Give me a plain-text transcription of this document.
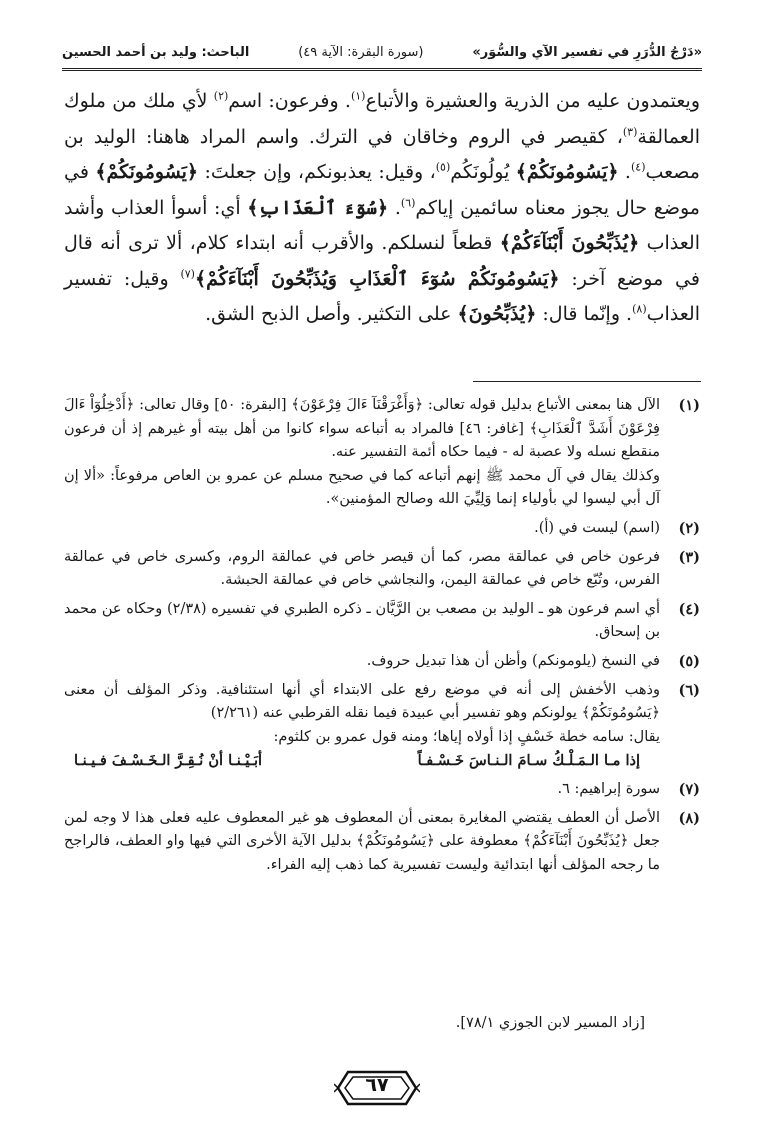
«دَرْجُ الدُّرَرِ في تفسير الآي والسُّوَر»
(سورة البقرة: الآية ٤٩)
الباحث: وليد بن أحمد الحسين

ويعتمدون عليه من الذرية والعشيرة والأتباع$^{(١)}$. وفرعون: اسم$^{(٢)}$ لأي ملك من ملوك العمالقة$^{(٣)}$، كقيصر في الروم وخاقان في الترك. واسم المراد هاهنا: الوليد بن مصعب$^{(٤)}$. ﴿يَسُومُونَكُمْ﴾ يُولُونَكُم$^{(٥)}$، وقيل: يعذبونكم، وإن جعلتَ: ﴿يَسُومُونَكُمْ﴾ في موضع حال يجوز معناه سائمين إياكم$^{(٦)}$. ﴿سُوٓءَ ٱلْعَذَابِ﴾ أي: أسوأ العذاب وأشد العذاب ﴿يُذَبِّحُونَ أَبْنَآءَكُمْ﴾ قطعاً لنسلكم. والأقرب أنه ابتداء كلام، ألا ترى أنه قال في موضع آخر: ﴿يَسُومُونَكُمْ سُوٓءَ ٱلْعَذَابِ وَيُذَبِّحُونَ أَبْنَآءَكُمْ﴾$^{(٧)}$ وقيل: تفسير العذاب$^{(٨)}$. وإنّما قال: ﴿يُذَبِّحُونَ﴾ على التكثير. وأصل الذبح الشق.

(١)
الآل هنا بمعنى الأتباع بدليل قوله تعالى: ﴿وَأَغْرَقْنَآ ءَالَ فِرْعَوْنَ﴾ [البقرة: ٥٠] وقال تعالى: ﴿أَدْخِلُوٓاْ ءَالَ فِرْعَوْنَ أَشَدَّ ٱلْعَذَابِ﴾ [غافر: ٤٦] فالمراد به أتباعه سواء كانوا من أهل بيته أو غيرهم إذ أن فرعون منقطع نسله ولا عصبة له - فيما حكاه أئمة التفسير عنه.
وكذلك يقال في آل محمد ﷺ إنهم أتباعه كما في صحيح مسلم عن عمرو بن العاص مرفوعاً: «ألا إن آل أبي ليسوا لي بأولياء إنما وَلِيِّيَ الله وصالح المؤمنين».
(٢)
(اسم) ليست في (أ).
(٣)
فرعون خاص في عمالقة مصر، كما أن قيصر خاص في عمالقة الروم، وكسرى خاص في عمالقة الفرس، وتُبّع خاص في عمالقة اليمن، والنجاشي خاص في عمالقة الحبشة.
(٤)
أي اسم فرعون هو ـ الوليد بن مصعب بن الرَّيَّان ـ ذكره الطبري في تفسيره (٢/٣٨) وحكاه عن محمد بن إسحاق.
(٥)
في النسخ (يلومونكم) وأظن أن هذا تبديل حروف.
(٦)
وذهب الأخفش إلى أنه في موضع رفع على الابتداء أي أنها استئنافية. وذكر المؤلف أن معنى ﴿يَسُومُونَكُمْ﴾ يولونكم وهو تفسير أبي عبيدة فيما نقله القرطبي عنه (٢/٢٦١)
يقال: سامه خطة خَسْفٍ إذا أولاه إياها؛ ومنه قول عمرو بن كلثوم:
إذا مـا الـمَـلْـكُ سـامَ الـنـاسَ خَـسْـفـاً
أبَـيْـنـا أنْ نُـقِـرَّ الـخَـسْـفَ فـيـنـا
(٧)
سورة إبراهيم: ٦.
(٨)
الأصل أن العطف يقتضي المغايرة بمعنى أن المعطوف هو غير المعطوف عليه فعلى هذا لا وجه لمن جعل ﴿يُذَبِّحُونَ أَبْنَآءَكُمْ﴾ معطوفة على ﴿يَسُومُونَكُمْ﴾ بدليل الآية الأخرى التي فيها واو العطف، فالراجح ما رجحه المؤلف أنها ابتدائية وليست تفسيرية كما ذهب إليه الفراء.
[زاد المسير لابن الجوزي ٧٨/١].
٦٧
